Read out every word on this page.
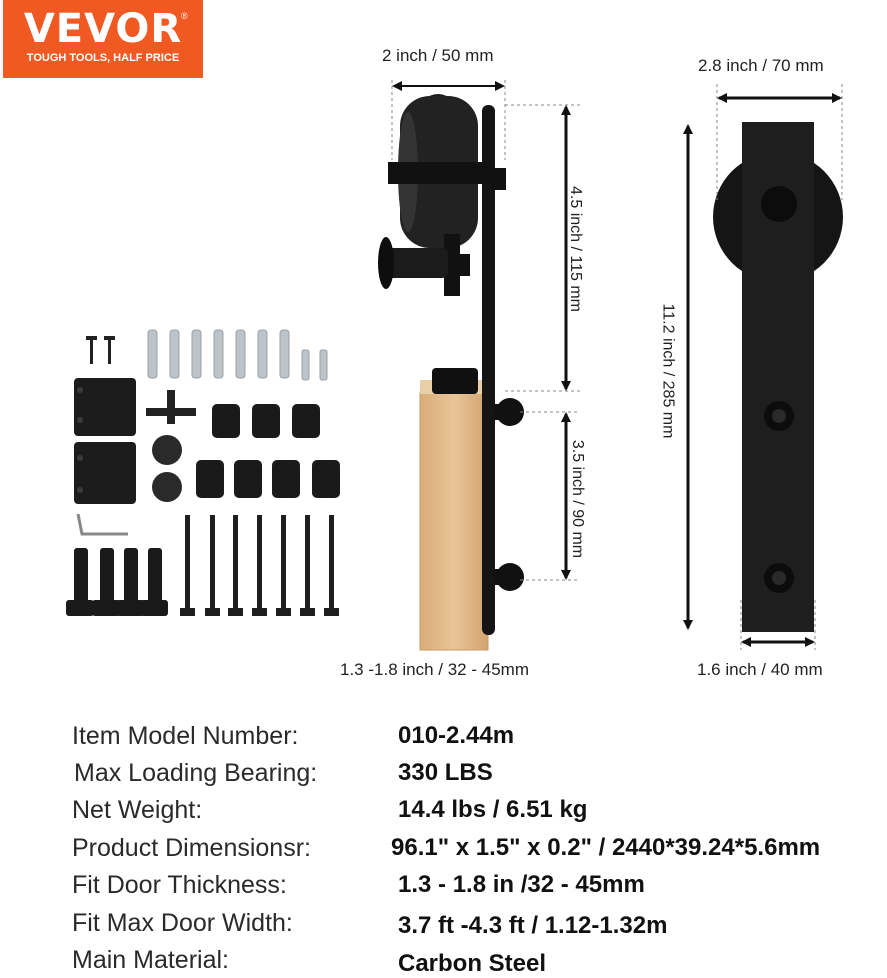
VEVOR
®
TOUGH TOOLS, HALF PRICE	2 inch / 50 mm
2.8 inch / 70 mm
4.5 inch / 115 mm
3.5 inch / 90 mm
11.2 inch / 285 mm
1.3 -1.8 inch / 32 - 45mm	1.6 inch / 40 mm
Item Model Number:	010-2.44m
Max Loading Bearing:	330 LBS
Net Weight:	14.4 lbs / 6.51 kg
Product Dimensionsr:	96.1" x 1.5" x 0.2" / 2440*39.24*5.6mm
Fit Door Thickness:	1.3 - 1.8 in /32 - 45mm
Fit Max Door Width:	3.7 ft -4.3 ft / 1.12-1.32m
Main Material:	Carbon Steel
